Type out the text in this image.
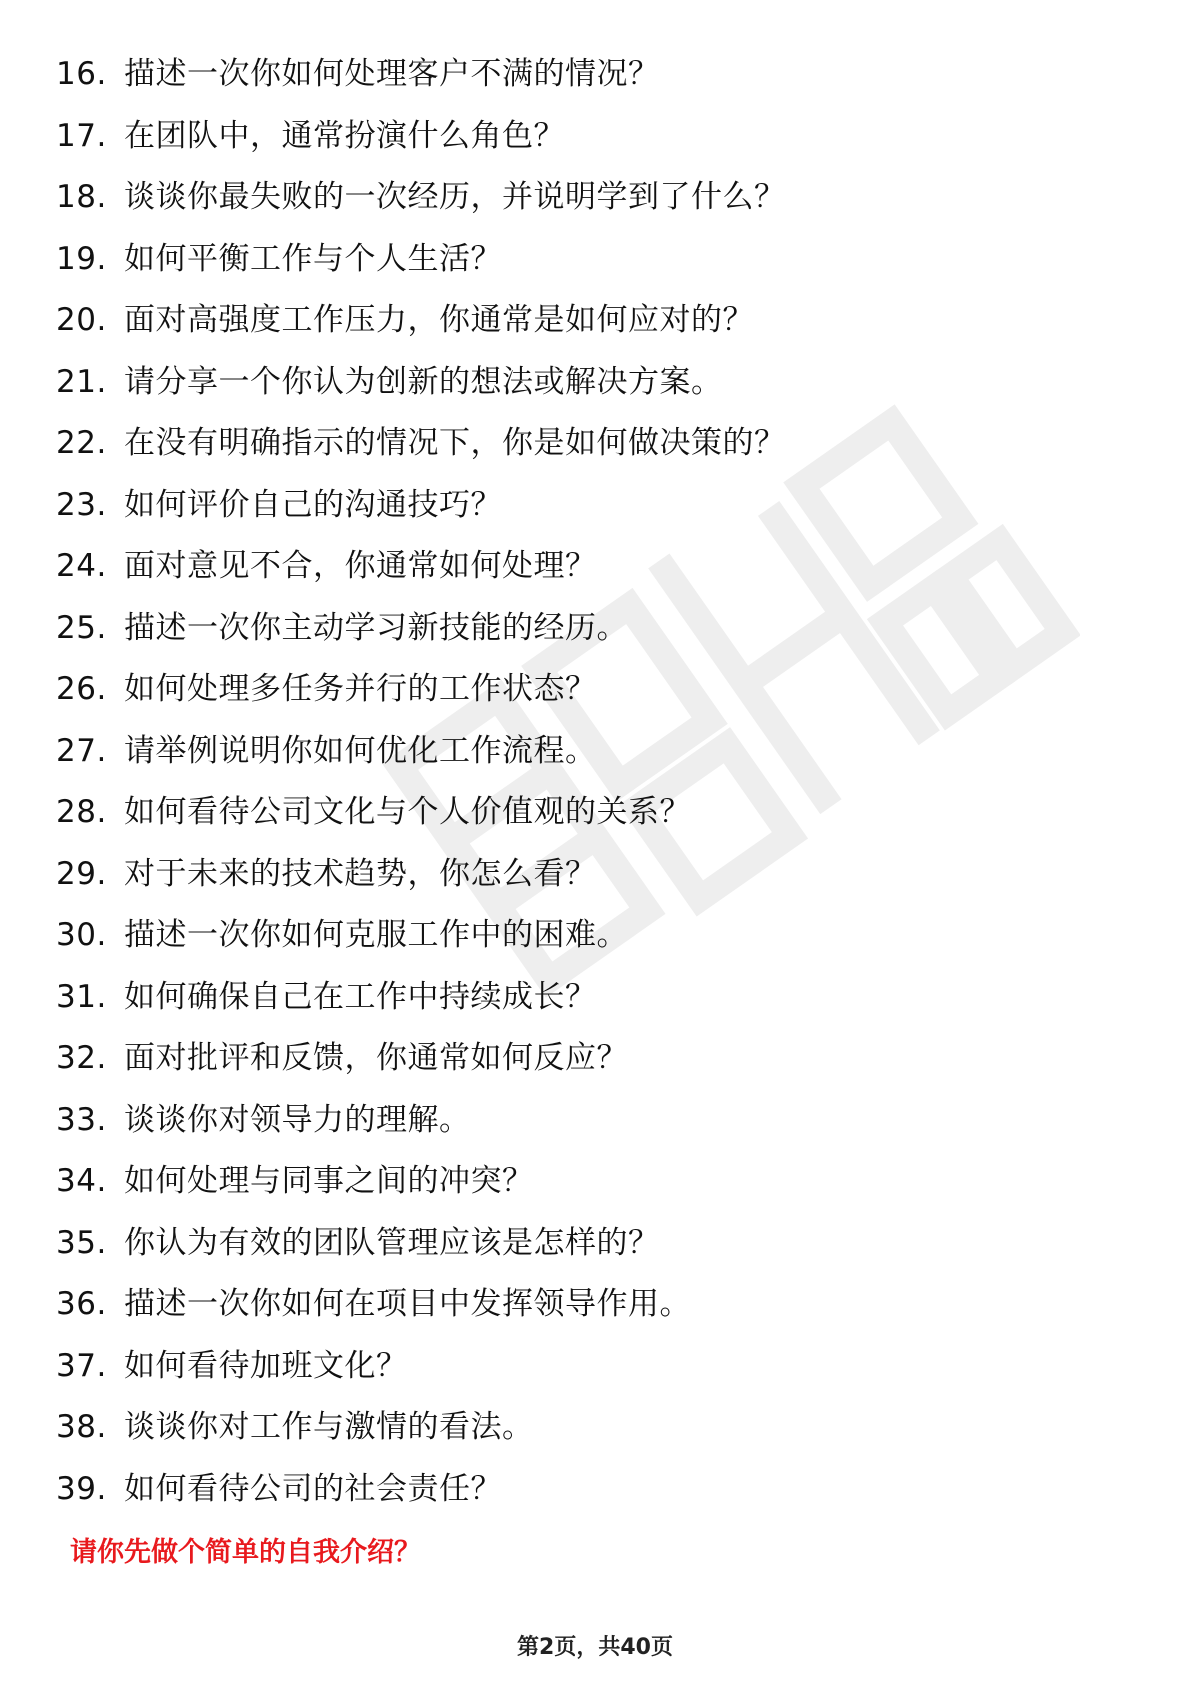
16. 描述一次你如何处理客户不满的情况？
17. 在团队中，通常扮演什么角色？
18. 谈谈你最失败的一次经历，并说明学到了什么？
19. 如何平衡工作与个人生活？
20. 面对高强度工作压力，你通常是如何应对的？
21. 请分享一个你认为创新的想法或解决方案。
22. 在没有明确指示的情况下，你是如何做决策的？
23. 如何评价自己的沟通技巧？
24. 面对意见不合，你通常如何处理？
25. 描述一次你主动学习新技能的经历。
26. 如何处理多任务并行的工作状态？
27. 请举例说明你如何优化工作流程。
28. 如何看待公司文化与个人价值观的关系？
29. 对于未来的技术趋势，你怎么看？
30. 描述一次你如何克服工作中的困难。
31. 如何确保自己在工作中持续成长？
32. 面对批评和反馈，你通常如何反应？
33. 谈谈你对领导力的理解。
34. 如何处理与同事之间的冲突？
35. 你认为有效的团队管理应该是怎样的？
36. 描述一次你如何在项目中发挥领导作用。
37. 如何看待加班文化？
38. 谈谈你对工作与激情的看法。
39. 如何看待公司的社会责任？
请你先做个简单的自我介绍？
第2页，共40页
